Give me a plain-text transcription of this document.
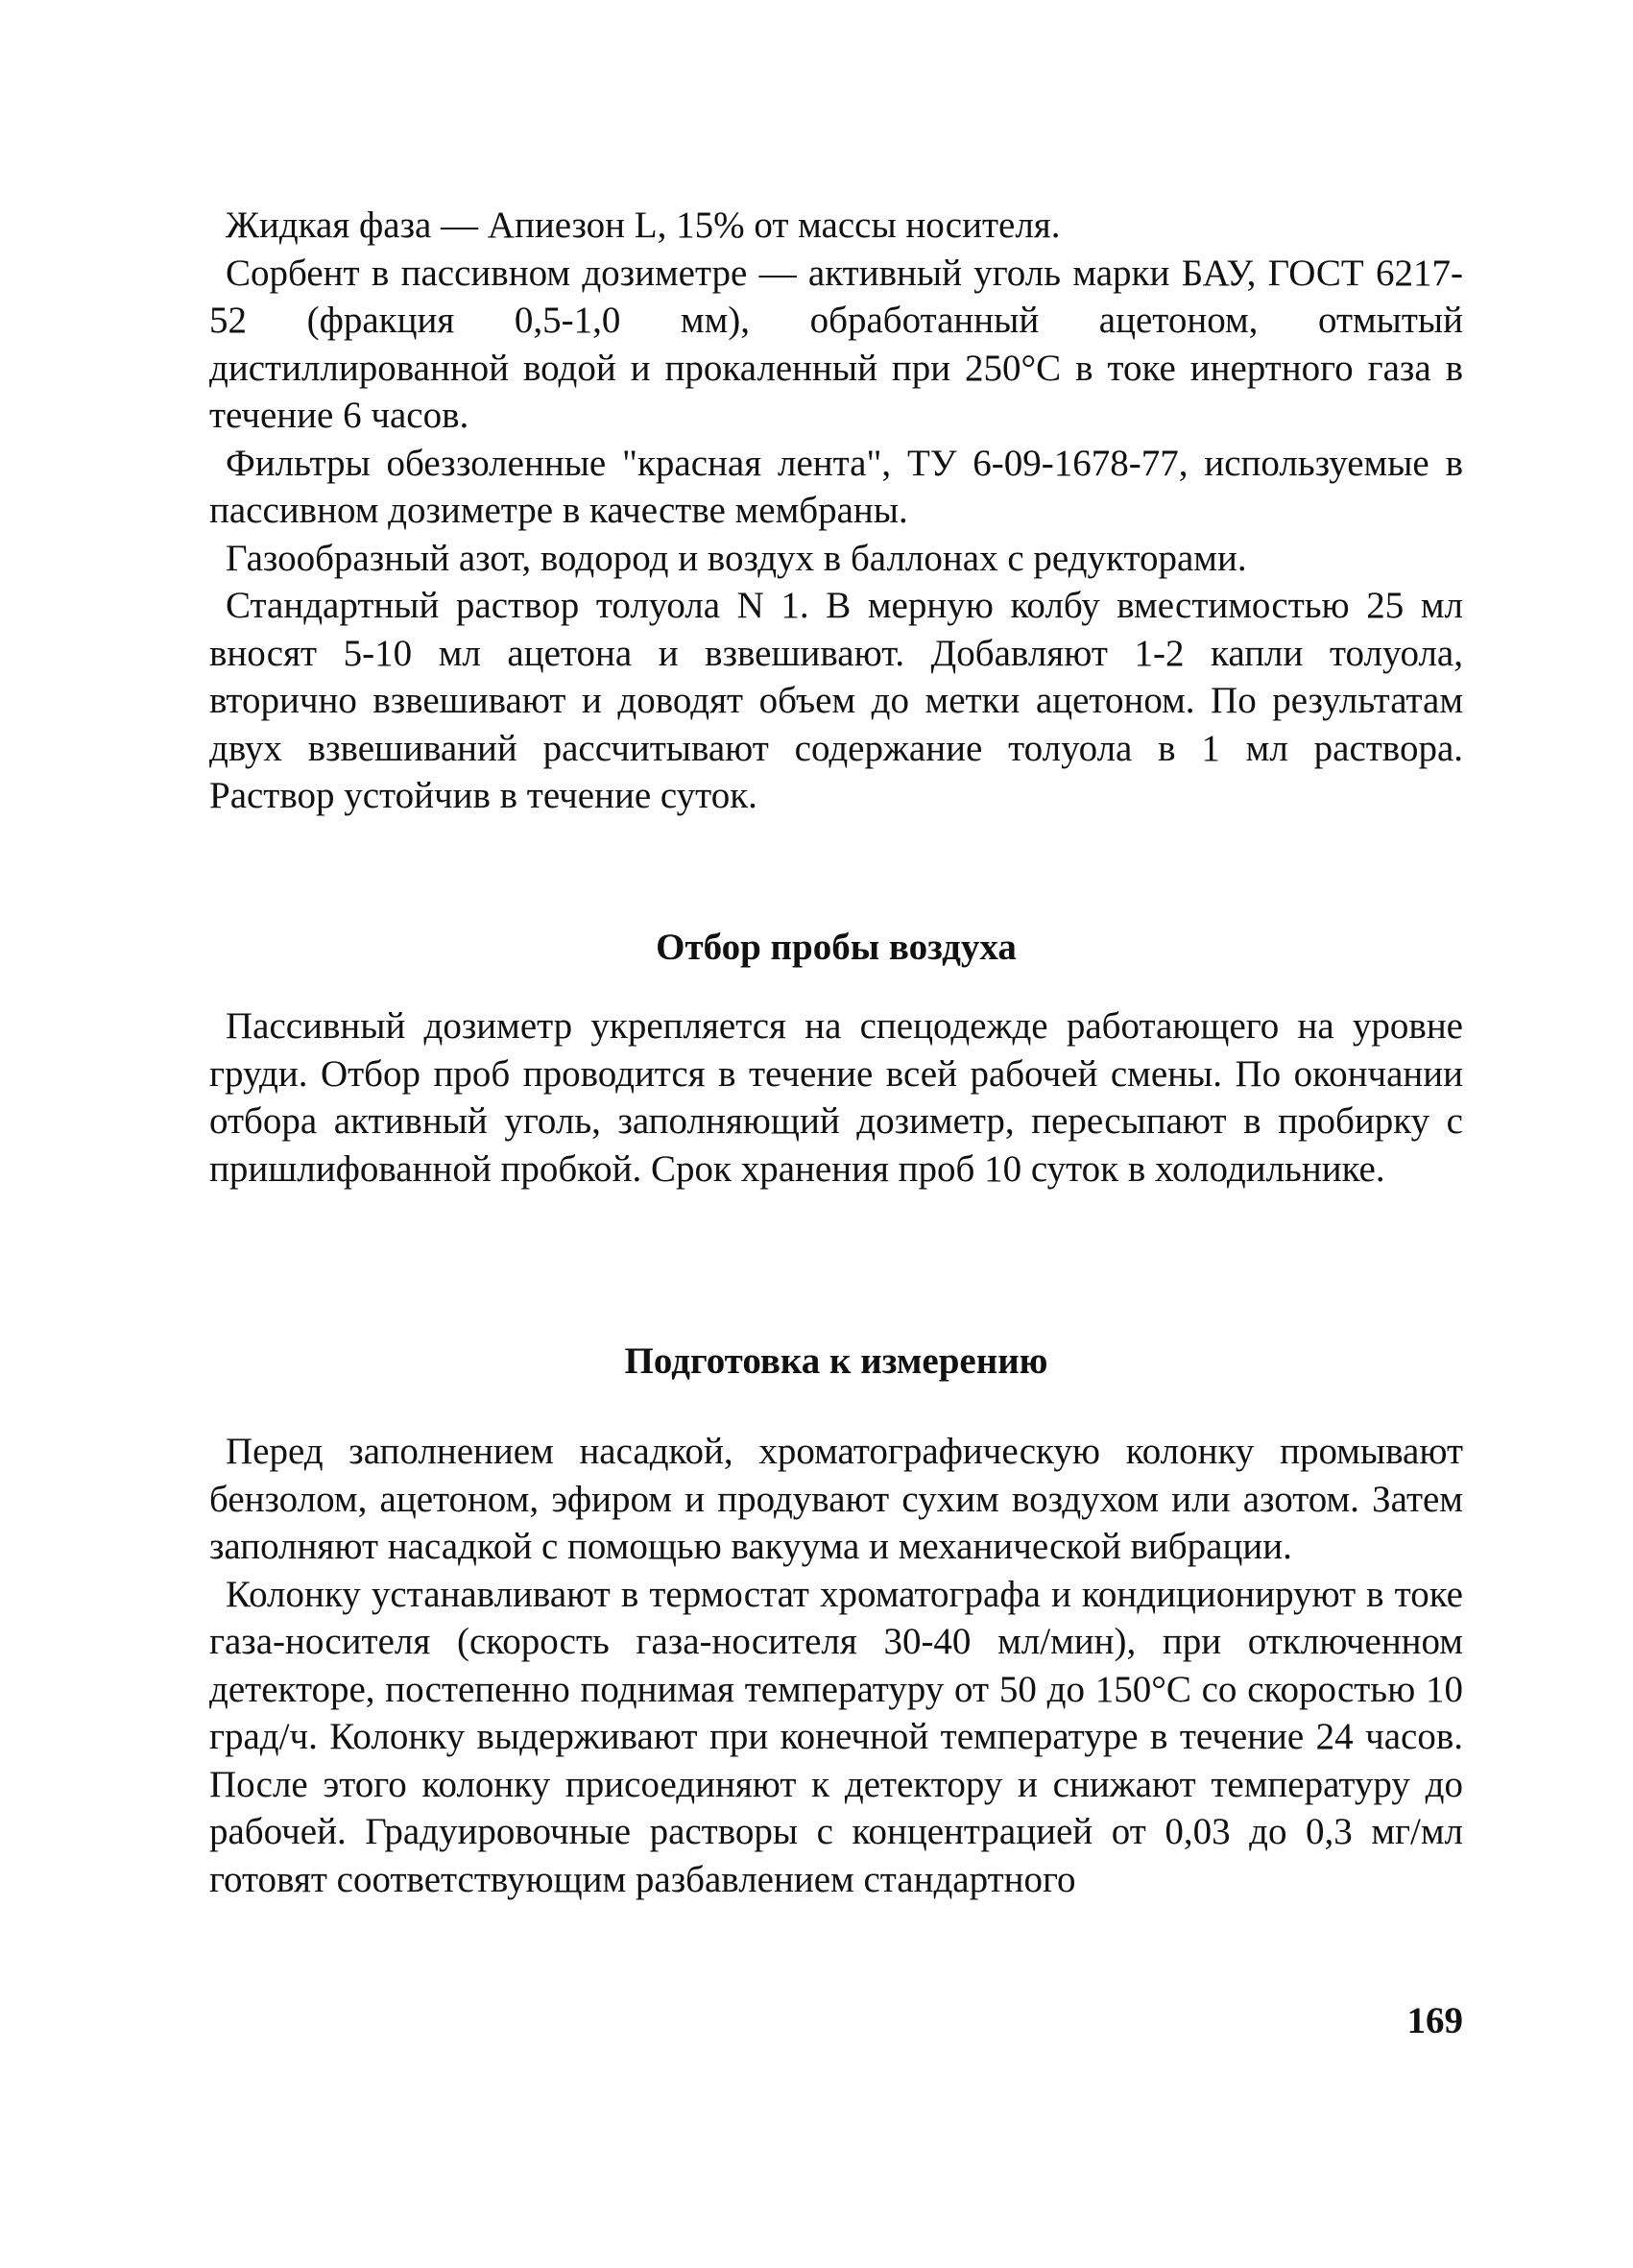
Жидкая фаза — Апиезон L, 15% от массы носителя.

Сорбент в пассивном дозиметре — активный уголь марки БАУ, ГОСТ 6217-52 (фракция 0,5-1,0 мм), обработанный ацетоном, отмытый дистиллированной водой и прокаленный при 250°C в токе инертного газа в течение 6 часов.

Фильтры обеззоленные "красная лента", ТУ 6-09-1678-77, используемые в пассивном дозиметре в качестве мембраны.

Газообразный азот, водород и воздух в баллонах с редукторами.

Стандартный раствор толуола N 1. В мерную колбу вместимостью 25 мл вносят 5-10 мл ацетона и взвешивают. Добавляют 1-2 капли толуола, вторично взвешивают и доводят объем до метки ацетоном. По результатам двух взвешиваний рассчитывают содержание толуола в 1 мл раствора. Раствор устойчив в течение суток.

Отбор пробы воздуха

Пассивный дозиметр укрепляется на спецодежде работающего на уровне груди. Отбор проб проводится в течение всей рабочей смены. По окончании отбора активный уголь, заполняющий дозиметр, пересыпают в пробирку с пришлифованной пробкой. Срок хранения проб 10 суток в холодильнике.

Подготовка к измерению

Перед заполнением насадкой, хроматографическую колонку промывают бензолом, ацетоном, эфиром и продувают сухим воздухом или азотом. Затем заполняют насадкой с помощью вакуума и механической вибрации.

Колонку устанавливают в термостат хроматографа и кондиционируют в токе газа-носителя (скорость газа-носителя 30-40 мл/мин), при отключенном детекторе, постепенно поднимая температуру от 50 до 150°C со скоростью 10 град/ч. Колонку выдерживают при конечной температуре в течение 24 часов. После этого колонку присоединяют к детектору и снижают температуру до рабочей. Градуировочные растворы с концентрацией от 0,03 до 0,3 мг/мл готовят соответствующим разбавлением стандартного

169
